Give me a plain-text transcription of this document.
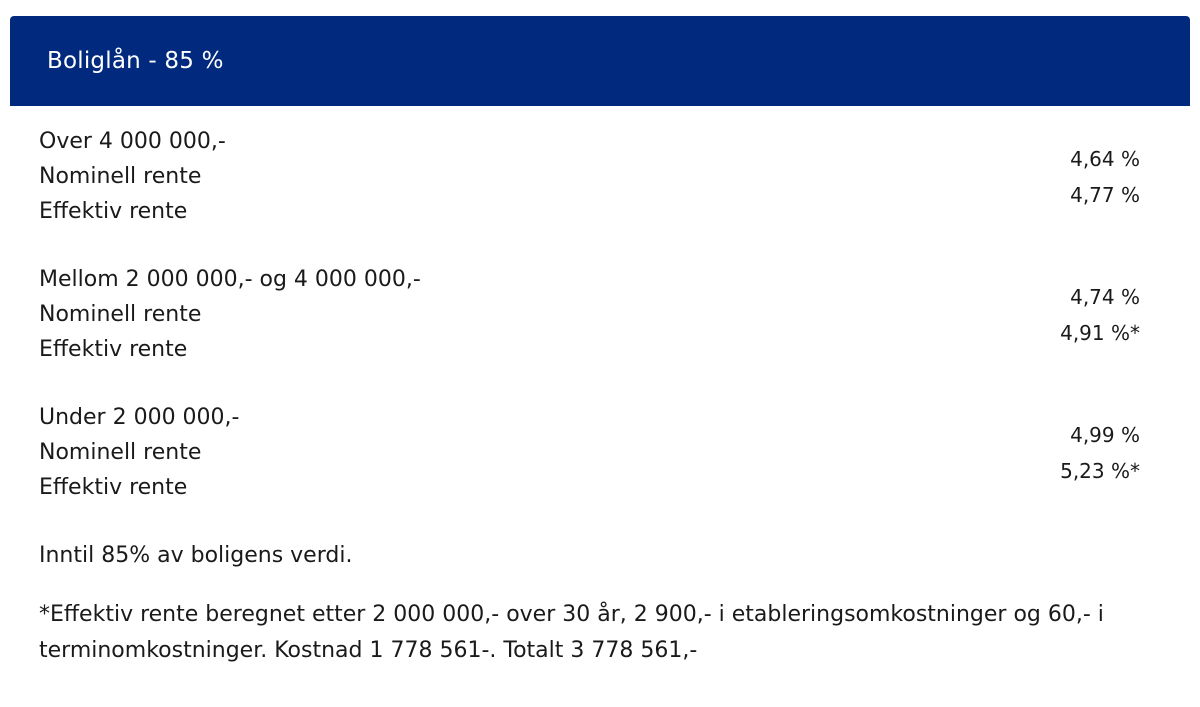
Boliglån - 85 %
Over 4 000 000,-
Nominell rente
Effektiv rente
4,64 %
4,77 %
Mellom 2 000 000,- og 4 000 000,-
Nominell rente
Effektiv rente
4,74 %
4,91 %*
Under 2 000 000,-
Nominell rente
Effektiv rente
4,99 %
5,23 %*
Inntil 85% av boligens verdi.
*Effektiv rente beregnet etter 2 000 000,- over 30 år, 2 900,- i etableringsomkostninger og 60,- i terminomkostninger. Kostnad 1 778 561-. Totalt 3 778 561,-
